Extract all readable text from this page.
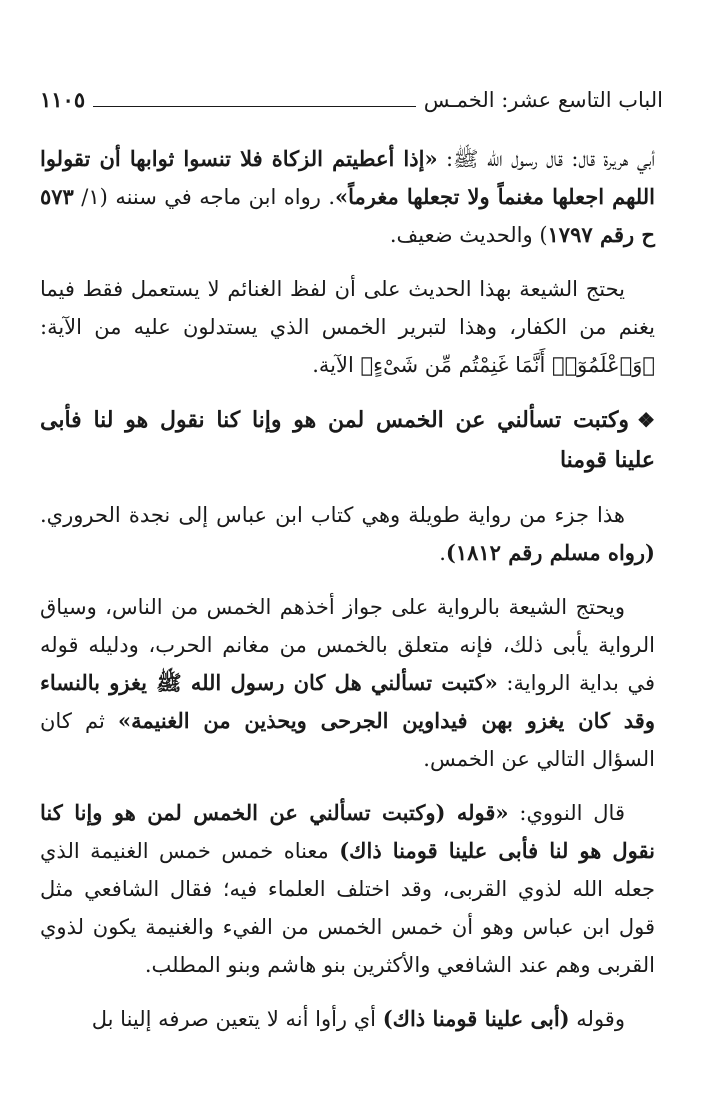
الباب التاسع عشر: الخمـس
١١٠٥

أبي هريرة قال: قال رسول الله ﷺ: «إذا أعطيتم الزكاة فلا تنسوا ثوابها أن تقولوا اللهم اجعلها مغنماً ولا تجعلها مغرماً». رواه ابن ماجه في سننه (١/ ٥٧٣ ح رقم ١٧٩٧) والحديث ضعيف.

يحتج الشيعة بهذا الحديث على أن لفظ الغنائم لا يستعمل فقط فيما يغنم من الكفار، وهذا لتبرير الخمس الذي يستدلون عليه من الآية: ﴿وَٱعْلَمُوٓا۟ أَنَّمَا غَنِمْتُم مِّن شَىْءٍ﴾ الآية.

❖وكتبت تسألني عن الخمس لمن هو وإنا كنا نقول هو لنا فأبى علينا قومنا

هذا جزء من رواية طويلة وهي كتاب ابن عباس إلى نجدة الحروري. (رواه مسلم رقم ١٨١٢).

ويحتج الشيعة بالرواية على جواز أخذهم الخمس من الناس، وسياق الرواية يأبى ذلك، فإنه متعلق بالخمس من مغانم الحرب، ودليله قوله في بداية الرواية: «كتبت تسألني هل كان رسول الله ﷺ يغزو بالنساء وقد كان يغزو بهن فيداوين الجرحى ويحذين من الغنيمة» ثم كان السؤال التالي عن الخمس.

قال النووي: «قوله (وكتبت تسألني عن الخمس لمن هو وإنا كنا نقول هو لنا فأبى علينا قومنا ذاك) معناه خمس خمس الغنيمة الذي جعله الله لذوي القربى، وقد اختلف العلماء فيه؛ فقال الشافعي مثل قول ابن عباس وهو أن خمس الخمس من الفيء والغنيمة يكون لذوي القربى وهم عند الشافعي والأكثرين بنو هاشم وبنو المطلب.

وقوله (أبى علينا قومنا ذاك) أي رأوا أنه لا يتعين صرفه إلينا بل
